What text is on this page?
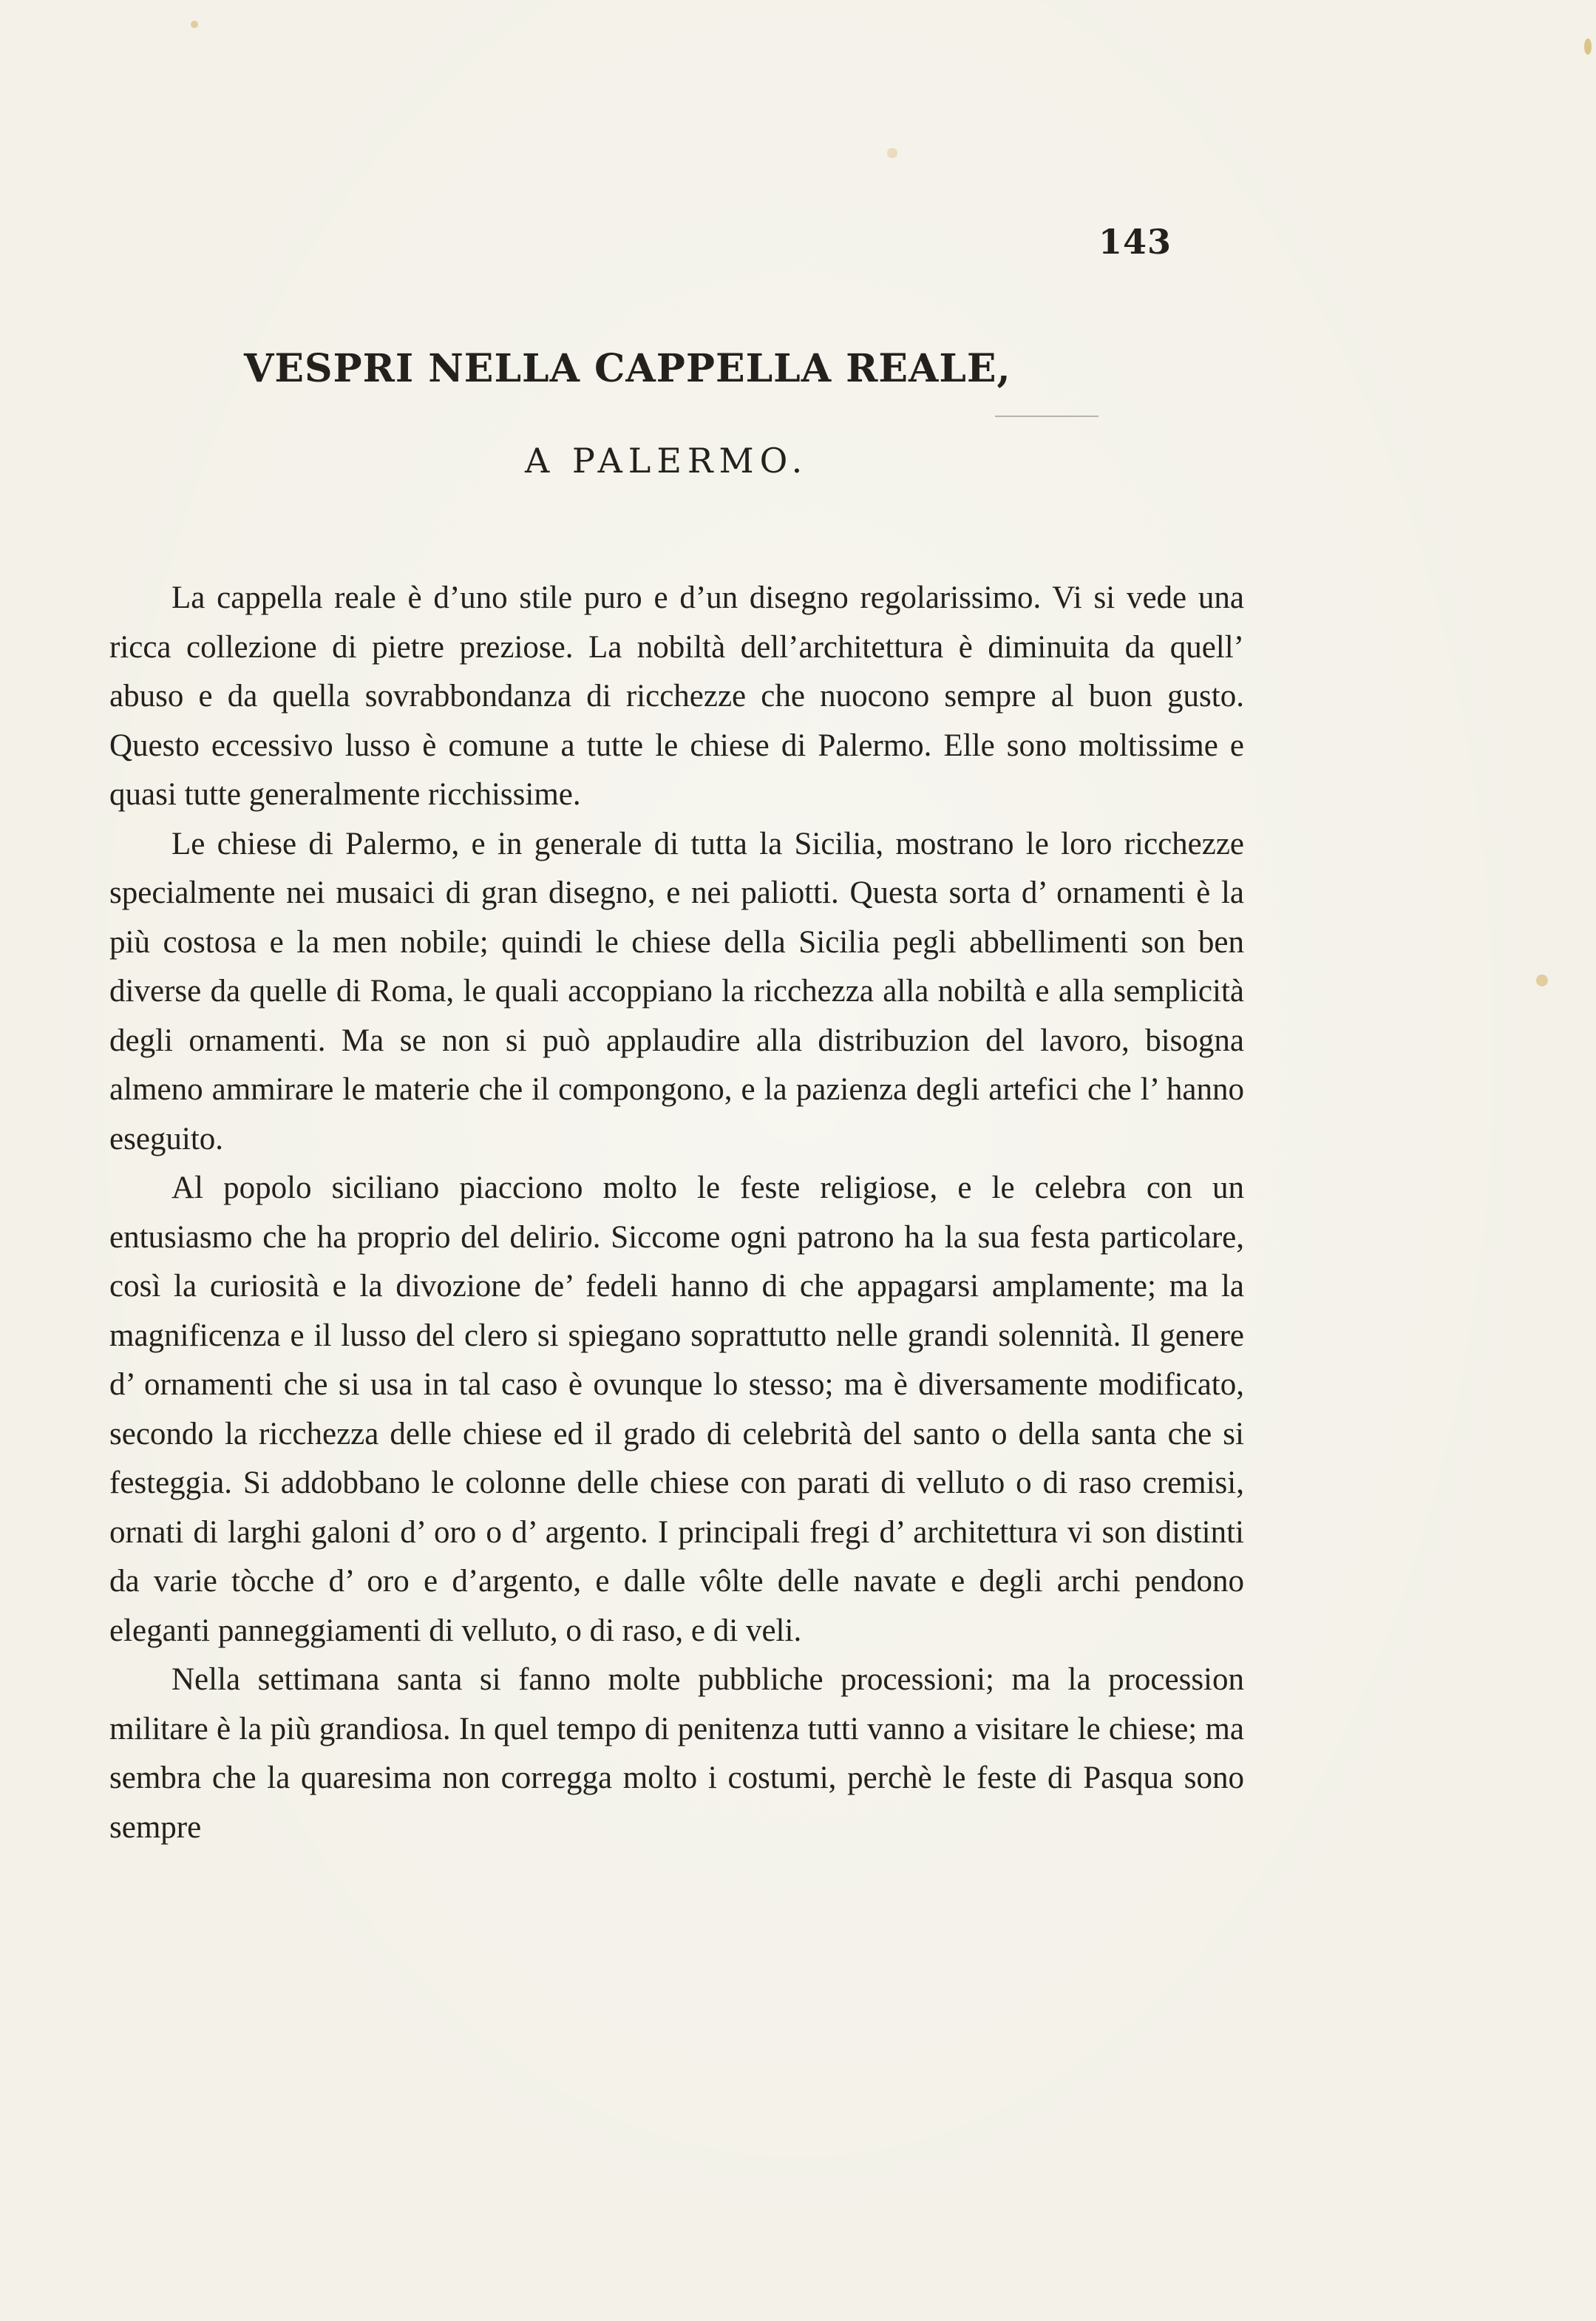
143
VESPRI NELLA CAPPELLA REALE,
A PALERMO.

La cappella reale è d’uno stile puro e d’un disegno regolarissimo. Vi si vede una ricca collezione di pietre preziose. La nobiltà dell’architettura è diminuita da quell’ abuso e da quella sovrabbondanza di ricchezze che nuocono sempre al buon gusto. Questo eccessivo lusso è comune a tutte le chiese di Palermo. Elle sono moltissime e quasi tutte generalmente ricchissime.

Le chiese di Palermo, e in generale di tutta la Sicilia, mostrano le loro ricchezze specialmente nei musaici di gran disegno, e nei paliotti. Questa sorta d’ ornamenti è la più costosa e la men nobile; quindi le chiese della Sicilia pegli abbellimenti son ben diverse da quelle di Roma, le quali accoppiano la ricchezza alla nobiltà e alla semplicità degli ornamenti. Ma se non si può applaudire alla distribuzion del lavoro, bisogna almeno ammirare le materie che il compongono, e la pazienza degli artefici che l’ hanno eseguito.

Al popolo siciliano piacciono molto le feste religiose, e le celebra con un entusiasmo che ha proprio del delirio. Siccome ogni patrono ha la sua festa particolare, così la curiosità e la divozione de’ fedeli hanno di che appagarsi amplamente; ma la magnificenza e il lusso del clero si spiegano soprattutto nelle grandi solennità. Il genere d’ ornamenti che si usa in tal caso è ovunque lo stesso; ma è diversamente modificato, secondo la ricchezza delle chiese ed il grado di celebrità del santo o della santa che si festeggia. Si addobbano le colonne delle chiese con parati di velluto o di raso cremisi, ornati di larghi galoni d’ oro o d’ argento. I principali fregi d’ architettura vi son distinti da varie tòcche d’ oro e d’argento, e dalle vôlte delle navate e degli archi pendono eleganti panneggiamenti di velluto, o di raso, e di veli.

Nella settimana santa si fanno molte pubbliche processioni; ma la procession militare è la più grandiosa. In quel tempo di penitenza tutti vanno a visitare le chiese; ma sembra che la quaresima non corregga molto i costumi, perchè le feste di Pasqua sono sempre
